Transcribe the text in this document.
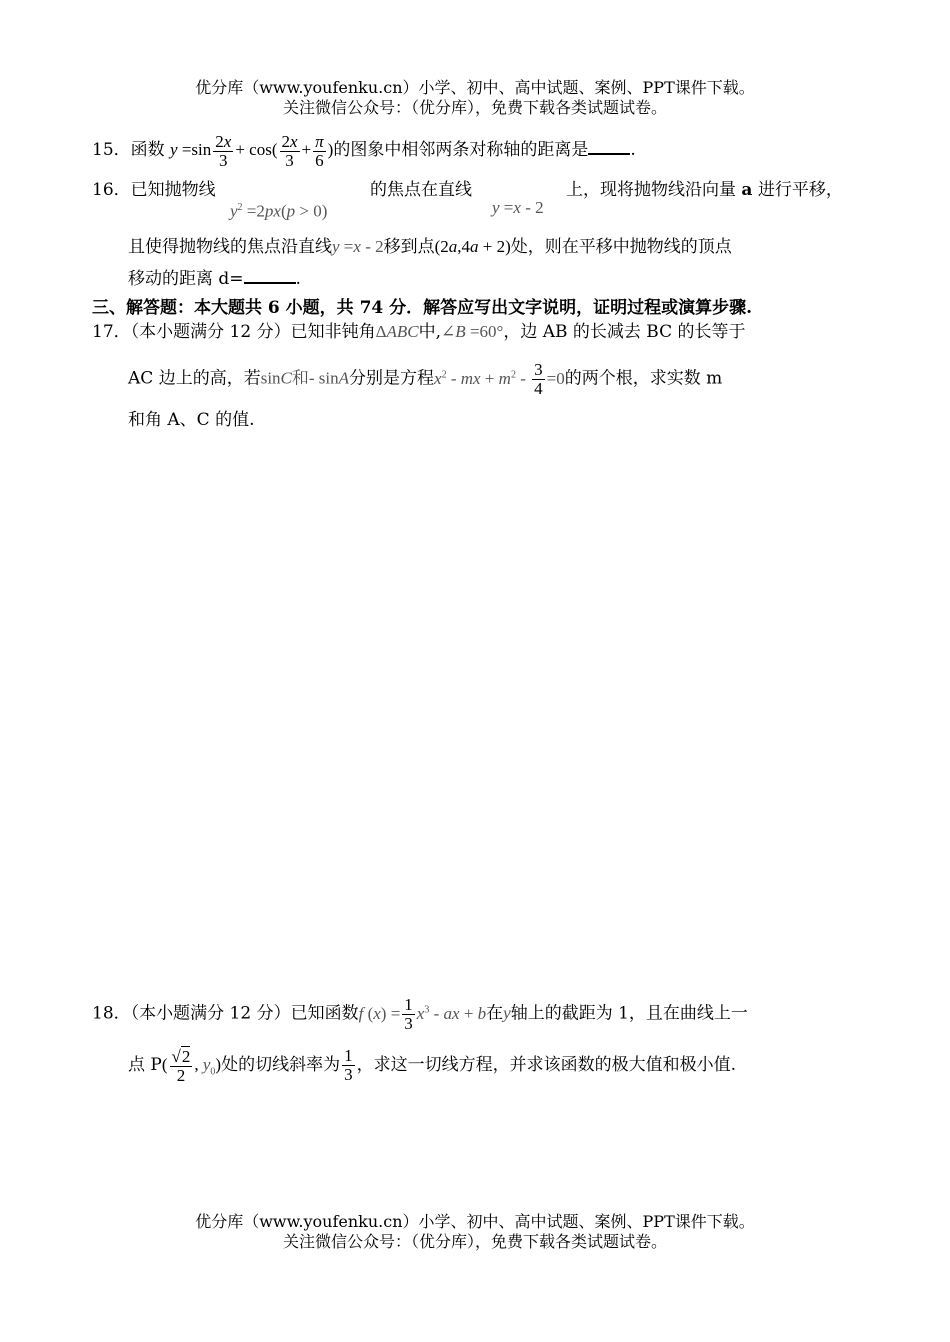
优分库（www.youfenku.cn）小学、初中、高中试题、案例、PPT课件下载。
关注微信公众号：（优分库），免费下载各类试题试卷。
15．函数 $y =\sin \frac{2x}{3} + \cos( \frac{2x}{3} + \frac{\pi}{6}$ )的图象中相邻两条对称轴的距离是 .
16．已知抛物线
$y^2 =2px(p > 0)$
的焦点在直线
y =x - 2
上，现将抛物线沿向量 a 进行平移，
且使得抛物线的焦点沿直线y =x - 2移到点(2a,4a + 2)处，则在平移中抛物线的顶点
移动的距离 d=	.
三、解答题：本大题共 6 小题，共 74 分．解答应写出文字说明，证明过程或演算步骤.
17．（本小题满分 12 分）已知非钝角ΔABC中,∠B =60°，边 AB 的长减去 BC 的长等于
AC 边上的高，若sinC和- sinA分别是方程$x^2$ - mx + $m^2 - \frac{3}{4} =0$的两个根，求实数 m
和角 A、C 的值.
18．（本小题满分 12 分）已知函数f $(x) = \frac{1}{3} x^3$ - ax + b在y轴上的截距为 1，且在曲线上一
点 $P( \frac{√2}{2}$ , $y_0$)处的切线斜率为 $\frac{1}{3}$ ，求这一切线方程，并求该函数的极大值和极小值.
优分库（www.youfenku.cn）小学、初中、高中试题、案例、PPT课件下载。
关注微信公众号：（优分库），免费下载各类试题试卷。
